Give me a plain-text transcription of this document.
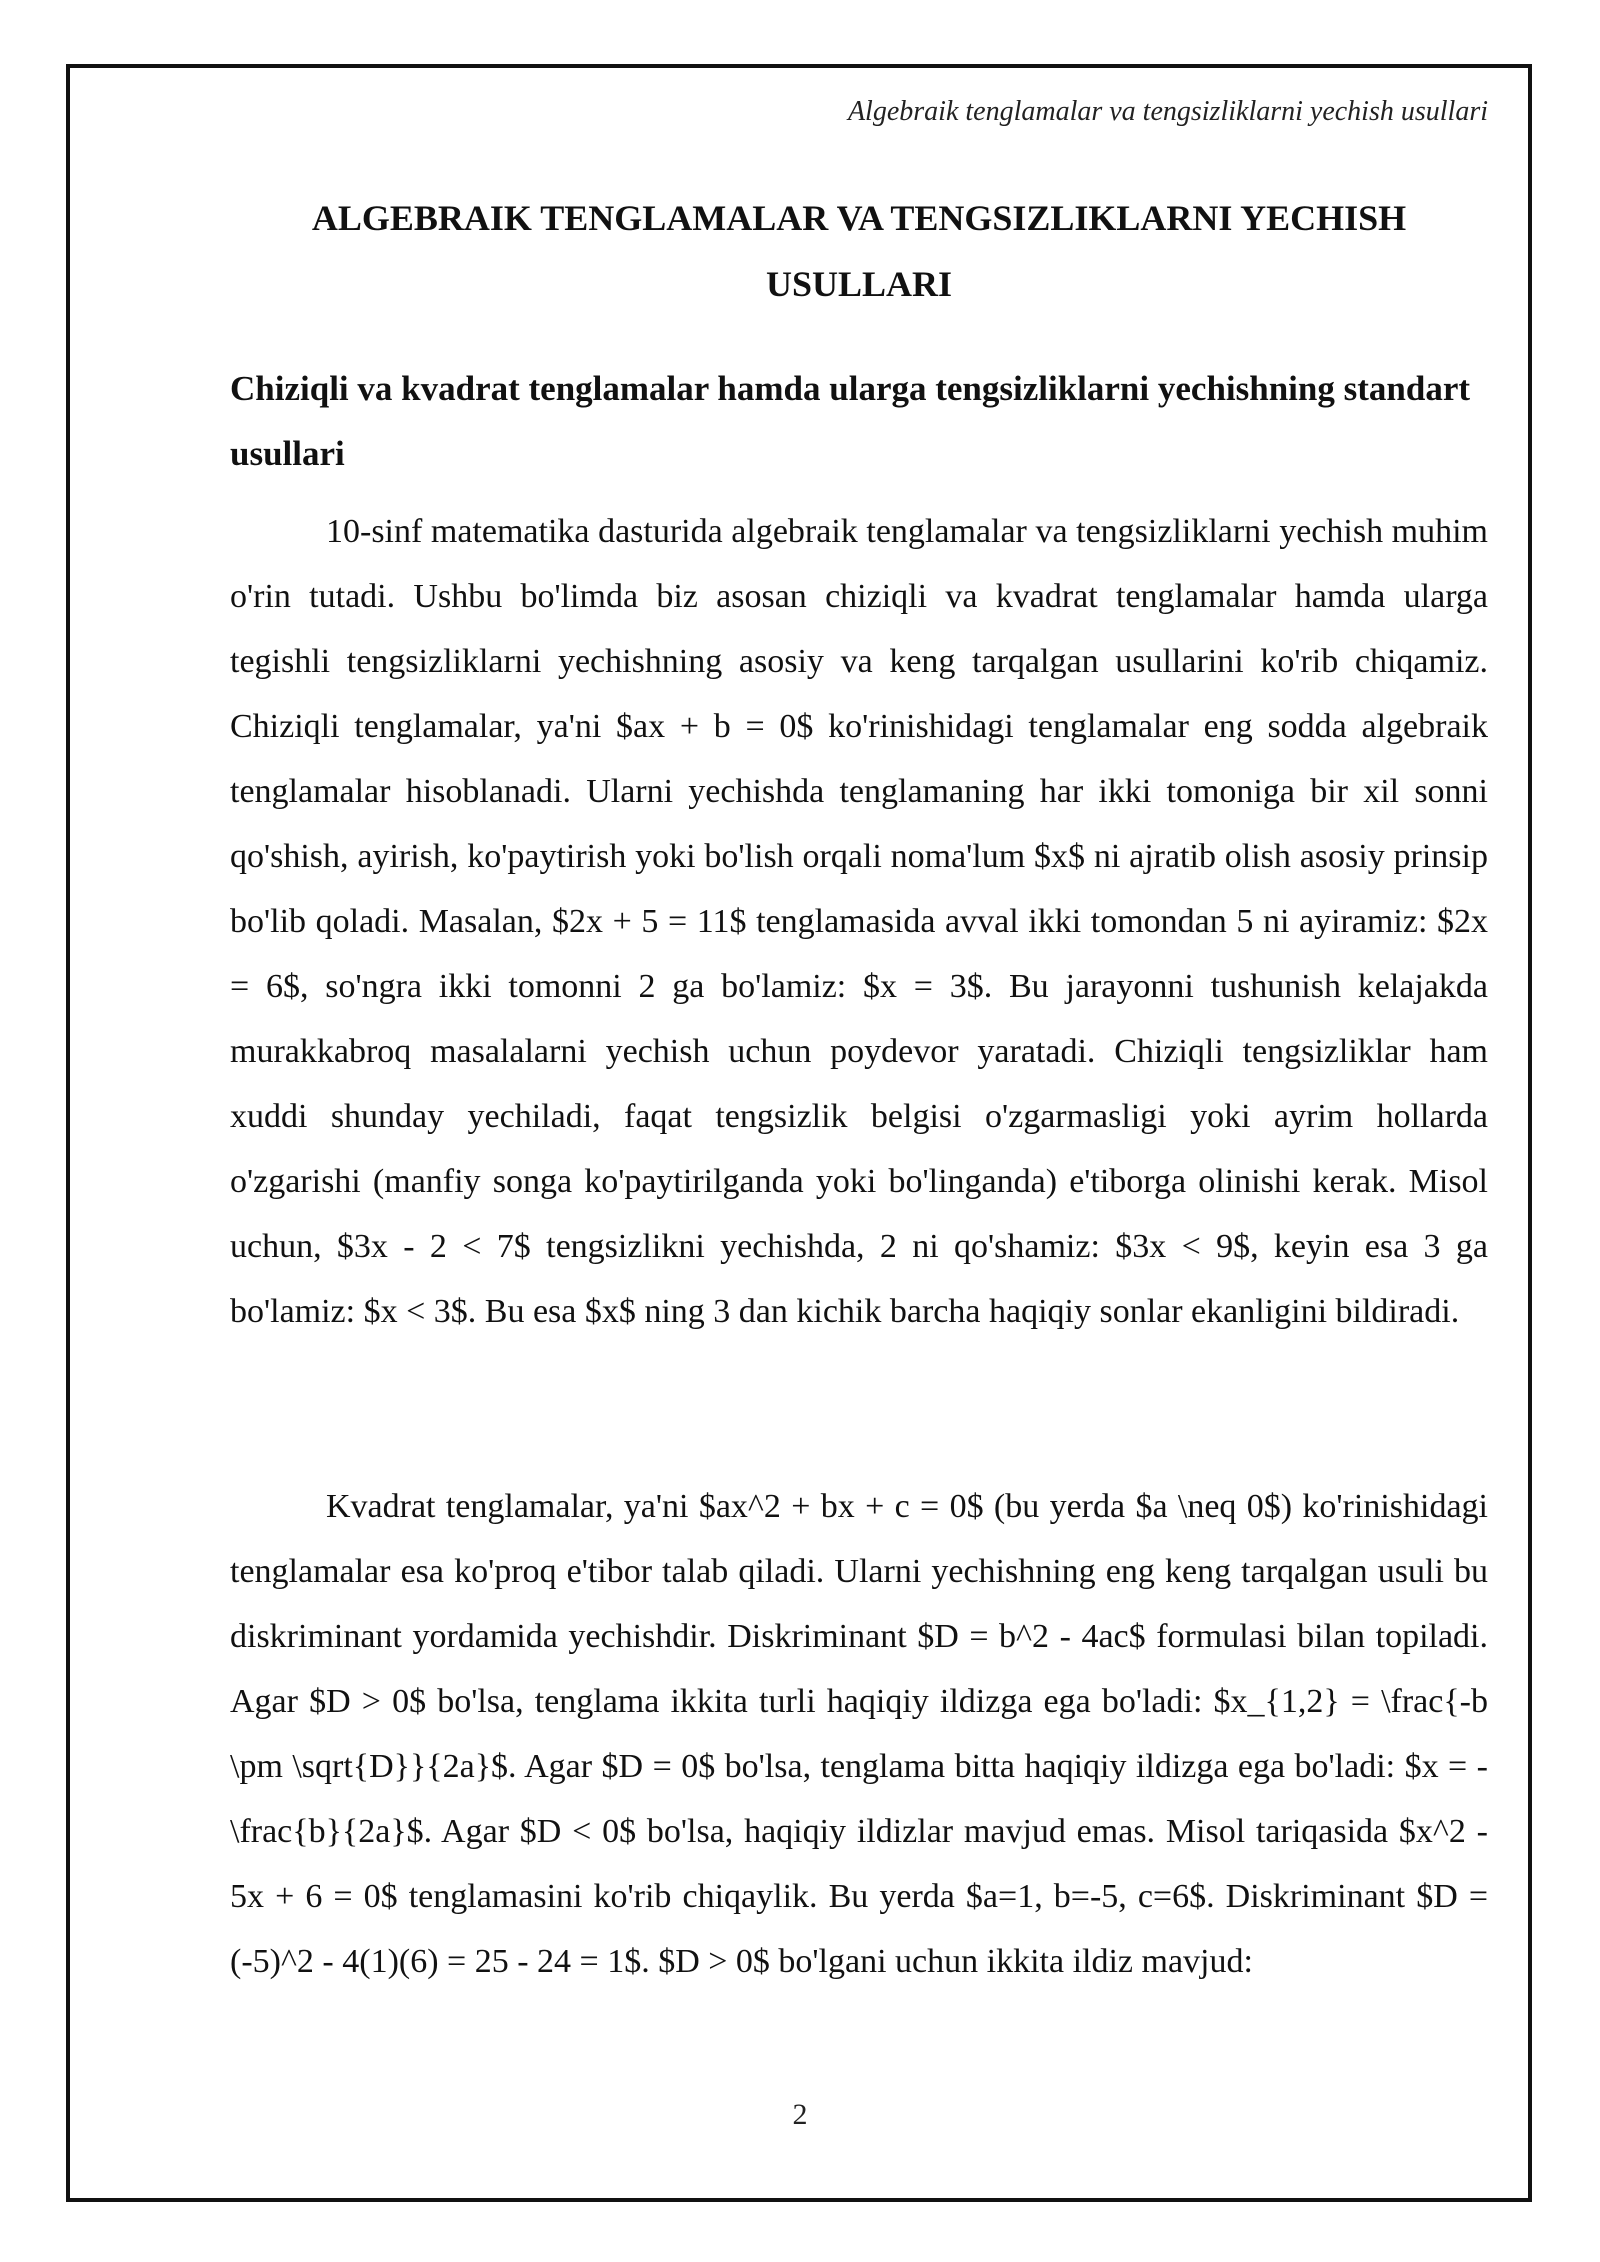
Algebraik tenglamalar va tengsizliklarni yechish usullari
ALGEBRAIK TENGLAMALAR VA TENGSIZLIKLARNI YECHISH USULLARI
Chiziqli va kvadrat tenglamalar hamda ularga tengsizliklarni yechishning standart usullari

10-sinf matematika dasturida algebraik tenglamalar va tengsizliklarni yechish muhim o'rin tutadi. Ushbu bo'limda biz asosan chiziqli va kvadrat tenglamalar hamda ularga tegishli tengsizliklarni yechishning asosiy va keng tarqalgan usullarini ko'rib chiqamiz. Chiziqli tenglamalar, ya'ni $ax + b = 0$ ko'rinishidagi tenglamalar eng sodda algebraik tenglamalar hisoblanadi. Ularni yechishda tenglamaning har ikki tomoniga bir xil sonni qo'shish, ayirish, ko'paytirish yoki bo'lish orqali noma'lum $x$ ni ajratib olish asosiy prinsip bo'lib qoladi. Masalan, $2x + 5 = 11$ tenglamasida avval ikki tomondan 5 ni ayiramiz: $2x = 6$, so'ngra ikki tomonni 2 ga bo'lamiz: $x = 3$. Bu jarayonni tushunish kelajakda murakkabroq masalalarni yechish uchun poydevor yaratadi. Chiziqli tengsizliklar ham xuddi shunday yechiladi, faqat tengsizlik belgisi o'zgarmasligi yoki ayrim hollarda o'zgarishi (manfiy songa ko'paytirilganda yoki bo'linganda) e'tiborga olinishi kerak. Misol uchun, $3x - 2 < 7$ tengsizlikni yechishda, 2 ni qo'shamiz: $3x < 9$, keyin esa 3 ga bo'lamiz: $x < 3$. Bu esa $x$ ning 3 dan kichik barcha haqiqiy sonlar ekanligini bildiradi.

Kvadrat tenglamalar, ya'ni $ax^2 + bx + c = 0$ (bu yerda $a \neq 0$) ko'rinishidagi tenglamalar esa ko'proq e'tibor talab qiladi. Ularni yechishning eng keng tarqalgan usuli bu diskriminant yordamida yechishdir. Diskriminant $D = b^2 - 4ac$ formulasi bilan topiladi. Agar $D > 0$ bo'lsa, tenglama ikkita turli haqiqiy ildizga ega bo'ladi: $x_{1,2} = \frac{-b \pm \sqrt{D}}{2a}$. Agar $D = 0$ bo'lsa, tenglama bitta haqiqiy ildizga ega bo'ladi: $x = -\frac{b}{2a}$. Agar $D < 0$ bo'lsa, haqiqiy ildizlar mavjud emas. Misol tariqasida $x^2 - 5x + 6 = 0$ tenglamasini ko'rib chiqaylik. Bu yerda $a=1, b=-5, c=6$. Diskriminant $D = (-5)^2 - 4(1)(6) = 25 - 24 = 1$. $D > 0$ bo'lgani uchun ikkita ildiz mavjud:

2
